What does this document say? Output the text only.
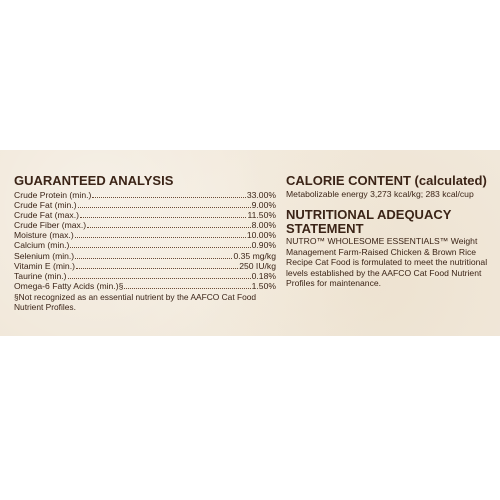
GUARANTEED ANALYSIS
Crude Protein (min.)	33.00%
Crude Fat (min.)	9.00%
Crude Fat (max.)	11.50%
Crude Fiber (max.)	8.00%
Moisture (max.)	10.00%
Calcium (min.)	0.90%
Selenium (min.)	0.35 mg/kg
Vitamin E (min.)	250 IU/kg
Taurine (min.)	0.18%
Omega-6 Fatty Acids (min.)§	1.50%
§Not recognized as an essential nutrient by the AAFCO Cat Food Nutrient Profiles.
CALORIE CONTENT (calculated)

Metabolizable energy 3,273 kcal/kg; 283 kcal/cup

NUTRITIONAL ADEQUACY STATEMENT

NUTRO™ WHOLESOME ESSENTIALS™ Weight Management Farm-Raised Chicken & Brown Rice Recipe Cat Food is formulated to meet the nutritional levels established by the AAFCO Cat Food Nutrient Profiles for maintenance.
